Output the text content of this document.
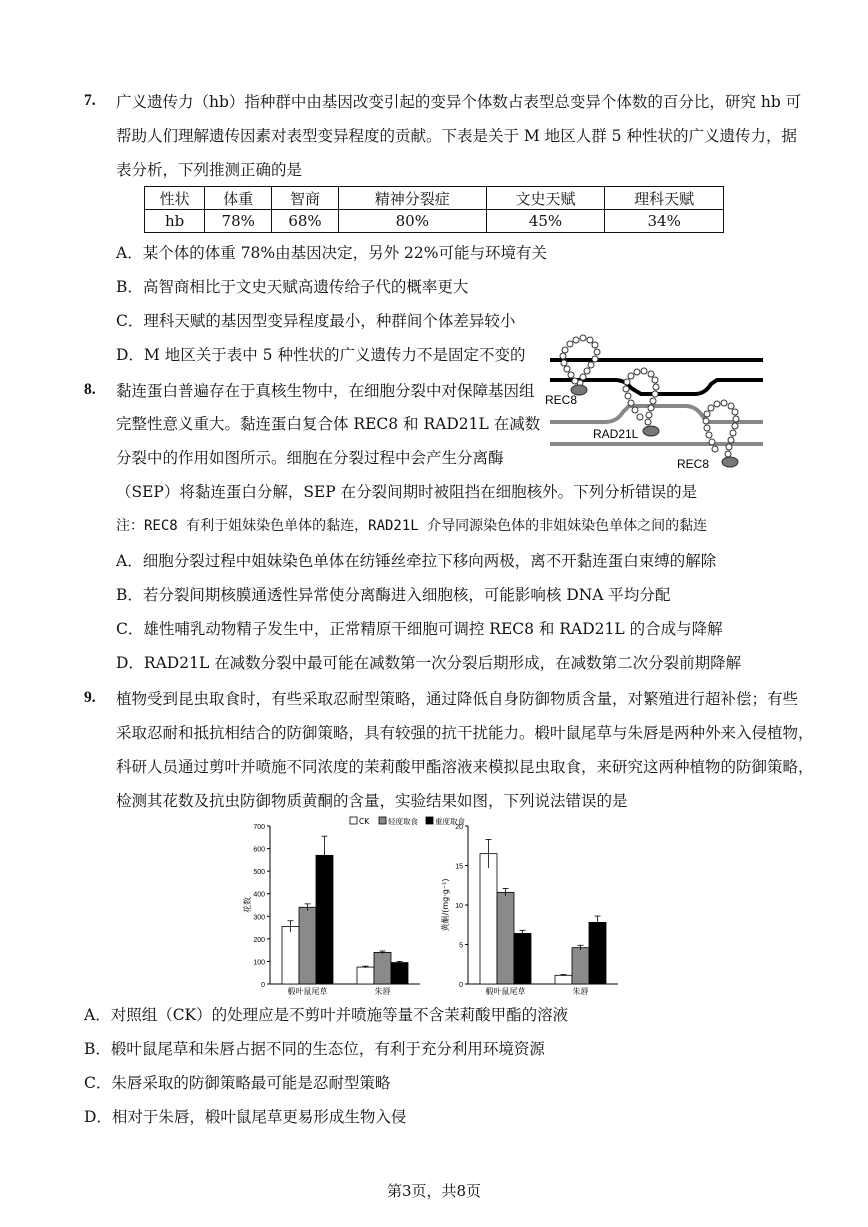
7. 广义遗传力（hb）指种群中由基因改变引起的变异个体数占表型总变异个体数的百分比，研究 hb 可
帮助人们理解遗传因素对表型变异程度的贡献。下表是关于 M 地区人群 5 种性状的广义遗传力，据
表分析，下列推测正确的是
性状	体重	智商	精神分裂症	文史天赋	理科天赋
hb	78%	68%	80%	45%	34%
A．某个体的体重 78%由基因决定，另外 22%可能与环境有关
B．高智商相比于文史天赋高遗传给子代的概率更大
C．理科天赋的基因型变异程度最小，种群间个体差异较小
D．M 地区关于表中 5 种性状的广义遗传力不是固定不变的
8. 黏连蛋白普遍存在于真核生物中，在细胞分裂中对保障基因组
完整性意义重大。黏连蛋白复合体 REC8 和 RAD21L 在减数
分裂中的作用如图所示。细胞在分裂过程中会产生分离酶
（SEP）将黏连蛋白分解，SEP 在分裂间期时被阻挡在细胞核外。下列分析错误的是
注：REC8 有利于姐妹染色单体的黏连，RAD21L 介导同源染色体的非姐妹染色单体之间的黏连
REC8
RAD21L
REC8
A．细胞分裂过程中姐妹染色单体在纺锤丝牵拉下移向两极，离不开黏连蛋白束缚的解除
B．若分裂间期核膜通透性异常使分离酶进入细胞核，可能影响核 DNA 平均分配
C．雄性哺乳动物精子发生中，正常精原干细胞可调控 REC8 和 RAD21L 的合成与降解
D．RAD21L 在减数分裂中最可能在减数第一次分裂后期形成，在减数第二次分裂前期降解
9. 植物受到昆虫取食时，有些采取忍耐型策略，通过降低自身防御物质含量，对繁殖进行超补偿；有些
采取忍耐和抵抗相结合的防御策略，具有较强的抗干扰能力。椴叶鼠尾草与朱唇是两种外来入侵植物，
科研人员通过剪叶并喷施不同浓度的茉莉酸甲酯溶液来模拟昆虫取食，来研究这两种植物的防御策略，
检测其花数及抗虫防御物质黄酮的含量，实验结果如图，下列说法错误的是
0
100
200
300
400
500
600
700
花数
椴叶鼠尾草	朱唇
CK	轻度取食 重度取食
0
5
10
15
20
黄酮/(mg·g⁻¹)
椴叶鼠尾草	朱唇
A．对照组（CK）的处理应是不剪叶并喷施等量不含茉莉酸甲酯的溶液
B．椴叶鼠尾草和朱唇占据不同的生态位，有利于充分利用环境资源
C．朱唇采取的防御策略最可能是忍耐型策略
D．相对于朱唇，椴叶鼠尾草更易形成生物入侵
第3页，共8页
